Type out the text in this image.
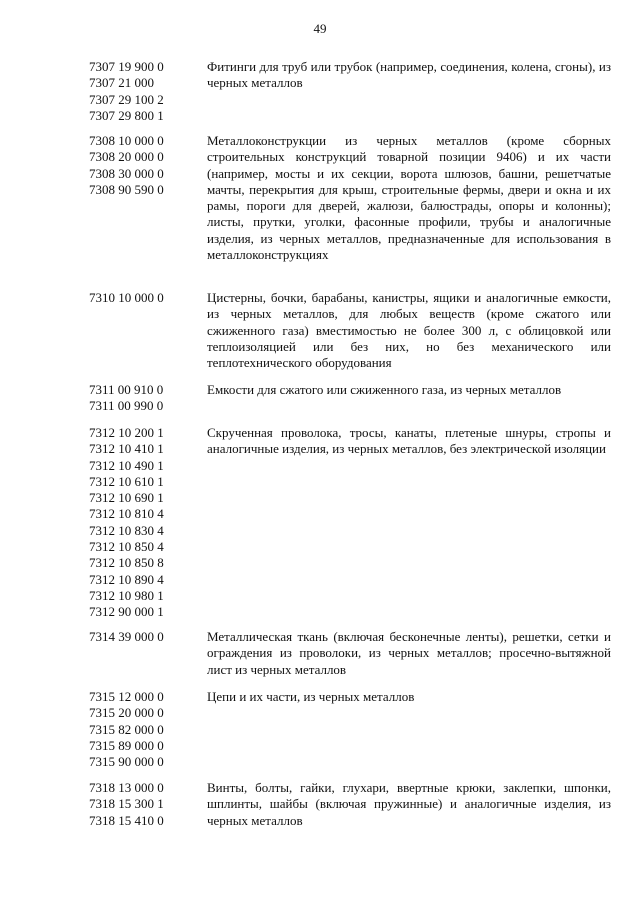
49
7307 19 900 0
7307 21 000
7307 29 100 2
7307 29 800 1
Фитинги для труб или трубок (например, соединения, колена, сгоны), из черных металлов
7308 10 000 0
7308 20 000 0
7308 30 000 0
7308 90 590 0
Металлоконструкции из черных металлов (кроме сборных строительных конструкций товарной позиции 9406) и их части (например, мосты и их секции, ворота шлюзов, башни, решетчатые мачты, перекрытия для крыш, строительные фермы, двери и окна и их рамы, пороги для дверей, жалюзи, балюстрады, опоры и колонны); листы, прутки, уголки, фасонные профили, трубы и аналогичные изделия, из черных металлов, предназначенные для использования в металлоконструкциях
7310 10 000 0	Цистерны, бочки, барабаны, канистры, ящики и аналогичные емкости, из черных металлов, для любых веществ (кроме сжатого или сжиженного газа) вместимостью не более 300 л, с облицовкой или теплоизоляцией или без них, но без механического или теплотехнического оборудования
7311 00 910 0
7311 00 990 0
Емкости для сжатого или сжиженного газа, из черных металлов
7312 10 200 1
7312 10 410 1
7312 10 490 1
7312 10 610 1
7312 10 690 1
7312 10 810 4
7312 10 830 4
7312 10 850 4
7312 10 850 8
7312 10 890 4
7312 10 980 1
7312 90 000 1
Скрученная проволока, тросы, канаты, плетеные шнуры, стропы и аналогичные изделия, из черных металлов, без электрической изоляции
7314 39 000 0	Металлическая ткань (включая бесконечные ленты), решетки, сетки и ограждения из проволоки, из черных металлов; просечно-вытяжной лист из черных металлов
7315 12 000 0
7315 20 000 0
7315 82 000 0
7315 89 000 0
7315 90 000 0
Цепи и их части, из черных металлов
7318 13 000 0
7318 15 300 1
7318 15 410 0
Винты, болты, гайки, глухари, ввертные крюки, заклепки, шпонки, шплинты, шайбы (включая пружинные) и аналогичные изделия, из черных металлов
